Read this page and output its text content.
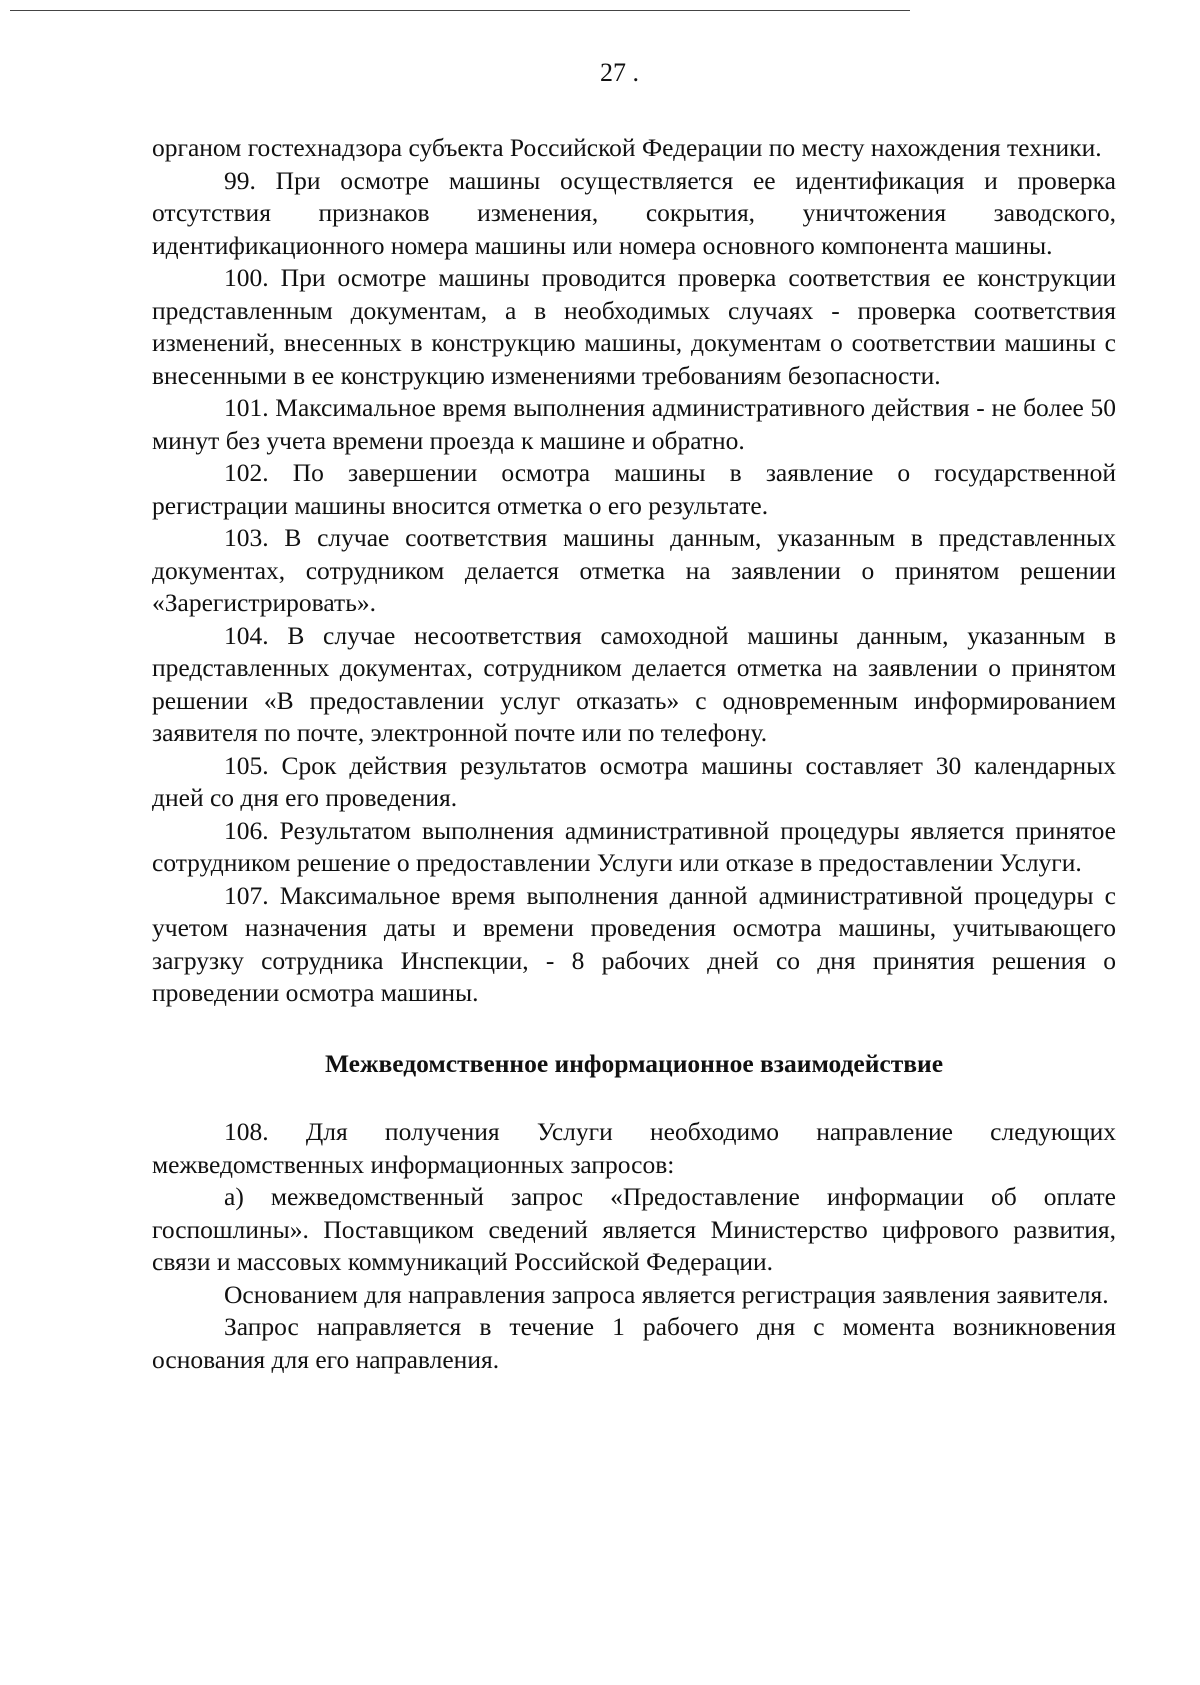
27 .

органом гостехнадзора субъекта Российской Федерации по месту нахождения техники.

99. При осмотре машины осуществляется ее идентификация и проверка отсутствия признаков изменения, сокрытия, уничтожения заводского, идентификационного номера машины или номера основного компонента машины.

100. При осмотре машины проводится проверка соответствия ее конструкции представленным документам, а в необходимых случаях - проверка соответствия изменений, внесенных в конструкцию машины, документам о соответствии машины с внесенными в ее конструкцию изменениями требованиям безопасности.

101. Максимальное время выполнения административного действия - не более 50 минут без учета времени проезда к машине и обратно.

102. По завершении осмотра машины в заявление о государственной регистрации машины вносится отметка о его результате.

103. В случае соответствия машины данным, указанным в представленных документах, сотрудником делается отметка на заявлении о принятом решении «Зарегистрировать».

104. В случае несоответствия самоходной машины данным, указанным в представленных документах, сотрудником делается отметка на заявлении о принятом решении «В предоставлении услуг отказать» с одновременным информированием заявителя по почте, электронной почте или по телефону.

105. Срок действия результатов осмотра машины составляет 30 календарных дней со дня его проведения.

106. Результатом выполнения административной процедуры является принятое сотрудником решение о предоставлении Услуги или отказе в предоставлении Услуги.

107. Максимальное время выполнения данной административной процедуры с учетом назначения даты и времени проведения осмотра машины, учитывающего загрузку сотрудника Инспекции, - 8 рабочих дней со дня принятия решения о проведении осмотра машины.

Межведомственное информационное взаимодействие

108. Для получения Услуги необходимо направление следующих межведомственных информационных запросов:

а) межведомственный запрос «Предоставление информации об оплате госпошлины». Поставщиком сведений является Министерство цифрового развития, связи и массовых коммуникаций Российской Федерации.

Основанием для направления запроса является регистрация заявления заявителя.

Запрос направляется в течение 1 рабочего дня с момента возникновения основания для его направления.
